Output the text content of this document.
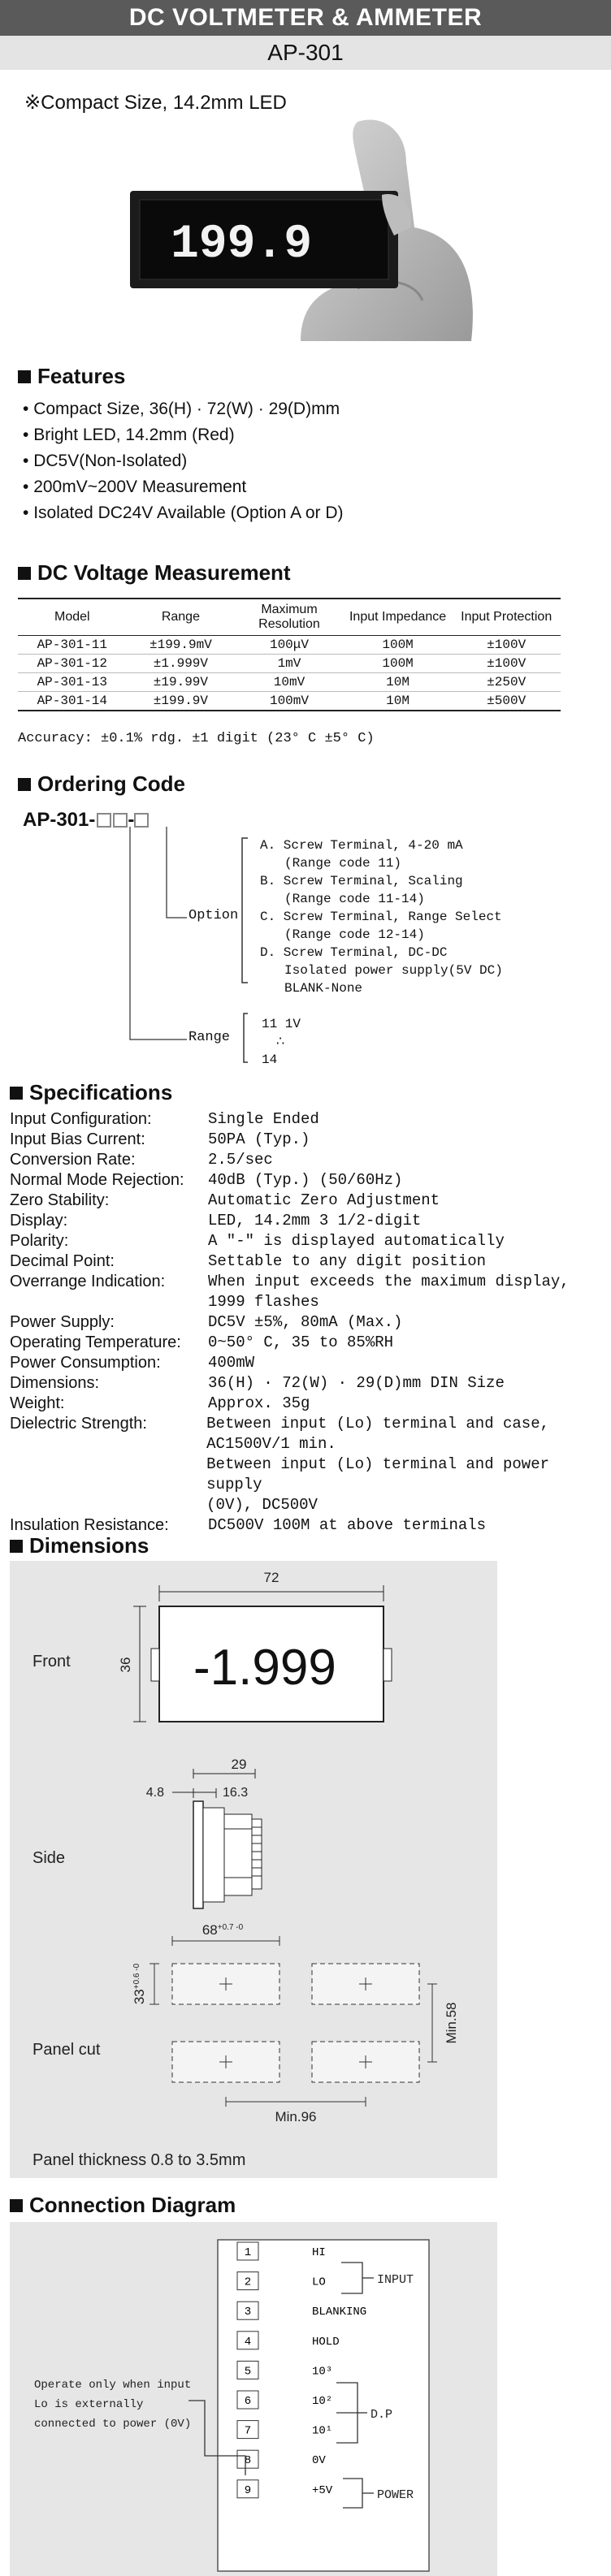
DC VOLTMETER & AMMETER
AP-301
※Compact Size, 14.2mm LED
199.9
Features
• Compact Size, 36(H) · 72(W) · 29(D)mm
• Bright LED, 14.2mm (Red)
• DC5V(Non-Isolated)
• 200mV~200V Measurement
• Isolated DC24V Available (Option A or D)
DC Voltage Measurement
Model	Range	Maximum Resolution	Input Impedance	Input Protection
AP-301-11	±199.9mV	100μV	100M	±100V
AP-301-12	±1.999V	1mV	100M	±100V
AP-301-13	±19.99V	10mV	10M	±250V
AP-301-14	±199.9V	100mV	10M	±500V
Accuracy: ±0.1% rdg. ±1 digit (23° C ±5° C)
Ordering Code
AP-301- -
Option
Range
A. Screw Terminal, 4-20 mA
(Range code 11)
B. Screw Terminal, Scaling
(Range code 11-14)
C. Screw Terminal, Range Select
(Range code 12-14)
D. Screw Terminal, DC-DC
Isolated power supply(5V DC)
BLANK-None
11 1V
∴
14
Specifications
Input Configuration:	Single Ended
Input Bias Current:	50PA (Typ.)
Conversion Rate:	2.5/sec
Normal Mode Rejection:	40dB (Typ.) (50/60Hz)
Zero Stability:	Automatic Zero Adjustment
Display:	LED, 14.2mm 3 1/2-digit
Polarity:	A "-" is displayed automatically
Decimal Point:	Settable to any digit position
Overrange Indication:	When input exceeds the maximum display,
1999 flashes
Power Supply:	DC5V ±5%, 80mA (Max.)
Operating Temperature:	0~50° C, 35 to 85%RH
Power Consumption:	400mW
Dimensions:	36(H) · 72(W) · 29(D)mm DIN Size
Weight:	Approx. 35g
Dielectric Strength:	Between input (Lo) terminal and case,
AC1500V/1 min.
Between input (Lo) terminal and power supply
(0V), DC500V
Insulation Resistance:	DC500V 100M at above terminals
Dimensions
72
36 -1.999
Front
29
4.8	16.3
Side
$68^{+0.7 -0}$
$33^{+0.6 -0}$
Min.58
Min.96
Panel cut
Panel thickness 0.8 to 3.5mm
Connection Diagram
1	HI
2	LO
3	BLANKING
4	HOLD
5	10³
6	10²
7	10¹
8	0V
9	+5V
INPUT
D.P
POWER
Operate only when input
Lo is externally
connected to power (0V)
